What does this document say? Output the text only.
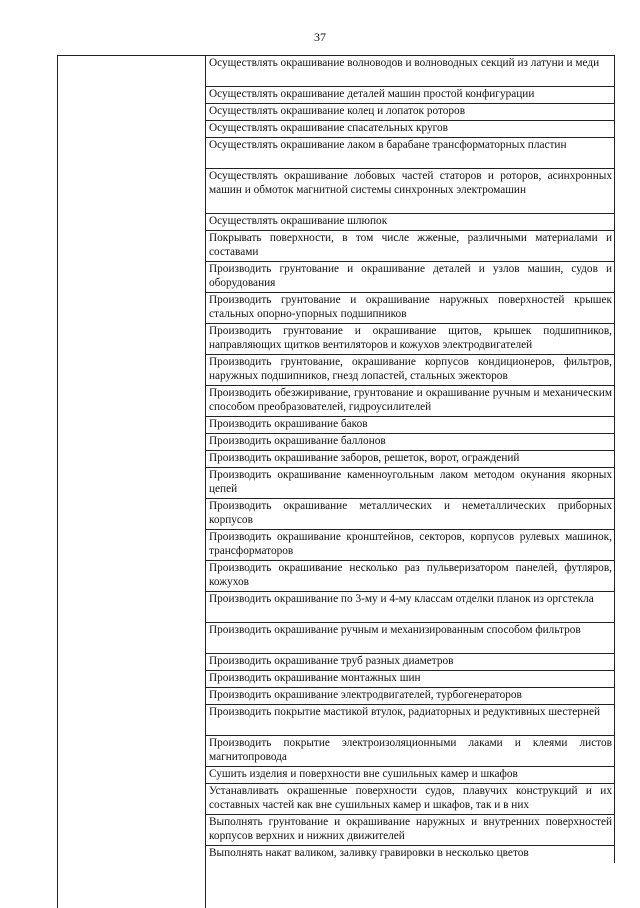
37
Осуществлять окрашивание волноводов и волноводных секций из латуни и меди
Осуществлять окрашивание деталей машин простой конфигурации
Осуществлять окрашивание колец и лопаток роторов
Осуществлять окрашивание спасательных кругов
Осуществлять окрашивание лаком в барабане трансформаторных пластин
Осуществлять окрашивание лобовых частей статоров и роторов, асинхронных машин и обмоток магнитной системы синхронных электромашин
Осуществлять окрашивание шлюпок
Покрывать поверхности, в том числе жженые, различными материалами и составами
Производить грунтование и окрашивание деталей и узлов машин, судов и оборудования
Производить грунтование и окрашивание наружных поверхностей крышек стальных опорно-упорных подшипников
Производить грунтование и окрашивание щитов, крышек подшипников, направляющих щитков вентиляторов и кожухов электродвигателей
Производить грунтование, окрашивание корпусов кондиционеров, фильтров, наружных подшипников, гнезд лопастей, стальных эжекторов
Производить обезжиривание, грунтование и окрашивание ручным и механическим способом преобразователей, гидроусилителей
Производить окрашивание баков
Производить окрашивание баллонов
Производить окрашивание заборов, решеток, ворот, ограждений
Производить окрашивание каменноугольным лаком методом окунания якорных цепей
Производить окрашивание металлических и неметаллических приборных корпусов
Производить окрашивание кронштейнов, секторов, корпусов рулевых машинок, трансформаторов
Производить окрашивание несколько раз пульверизатором панелей, футляров, кожухов
Производить окрашивание по 3-му и 4-му классам отделки планок из оргстекла
Производить окрашивание ручным и механизированным способом фильтров
Производить окрашивание труб разных диаметров
Производить окрашивание монтажных шин
Производить окрашивание электродвигателей, турбогенераторов
Производить покрытие мастикой втулок, радиаторных и редуктивных шестерней
Производить покрытие электроизоляционными лаками и клеями листов магнитопровода
Сушить изделия и поверхности вне сушильных камер и шкафов
Устанавливать окрашенные поверхности судов, плавучих конструкций и их составных частей как вне сушильных камер и шкафов, так и в них
Выполнять грунтование и окрашивание наружных и внутренних поверхностей корпусов верхних и нижних движителей
Выполнять накат валиком, заливку гравировки в несколько цветов
